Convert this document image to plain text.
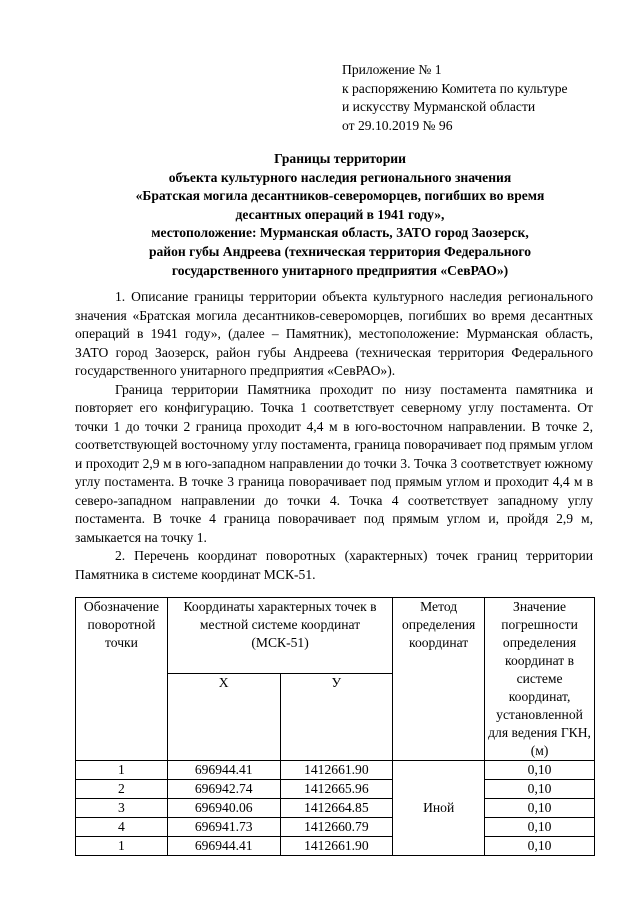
Приложение № 1
к распоряжению Комитета по культуре
и искусству Мурманской области
от 29.10.2019 № 96
Границы территории
объекта культурного наследия регионального значения
«Братская могила десантников-североморцев, погибших во время
десантных операций в 1941 году»,
местоположение: Мурманская область, ЗАТО город Заозерск,
район губы Андреева (техническая территория Федерального
государственного унитарного предприятия «СевРАО»)

1. Описание границы территории объекта культурного наследия регионального значения «Братская могила десантников-североморцев, погибших во время десантных операций в 1941 году», (далее – Памятник), местоположение: Мурманская область, ЗАТО город Заозерск, район губы Андреева (техническая территория Федерального государственного унитарного предприятия «СевРАО»).

Граница территории Памятника проходит по низу постамента памятника и повторяет его конфигурацию. Точка 1 соответствует северному углу постамента. От точки 1 до точки 2 граница проходит 4,4 м в юго-восточном направлении. В точке 2, соответствующей восточному углу постамента, граница поворачивает под прямым углом и проходит 2,9 м в юго-западном направлении до точки 3. Точка 3 соответствует южному углу постамента. В точке 3 граница поворачивает под прямым углом и проходит 4,4 м в северо-западном направлении до точки 4. Точка 4 соответствует западному углу постамента. В точке 4 граница поворачивает под прямым углом и, пройдя 2,9 м, замыкается на точку 1.

2. Перечень координат поворотных (характерных) точек границ территории Памятника в системе координат МСК-51.

Обозначение поворотной точки	Координаты характерных точек в местной системе координат (МСК-51)		Метод определения координат	Значение погрешности определения координат в системе координат, установленной для ведения ГКН, (м)
	X	У		
1	696944.41	1412661.90	Иной	0,10
2	696942.74	1412665.96		0,10
3	696940.06	1412664.85		0,10
4	696941.73	1412660.79		0,10
1	696944.41	1412661.90		0,10
